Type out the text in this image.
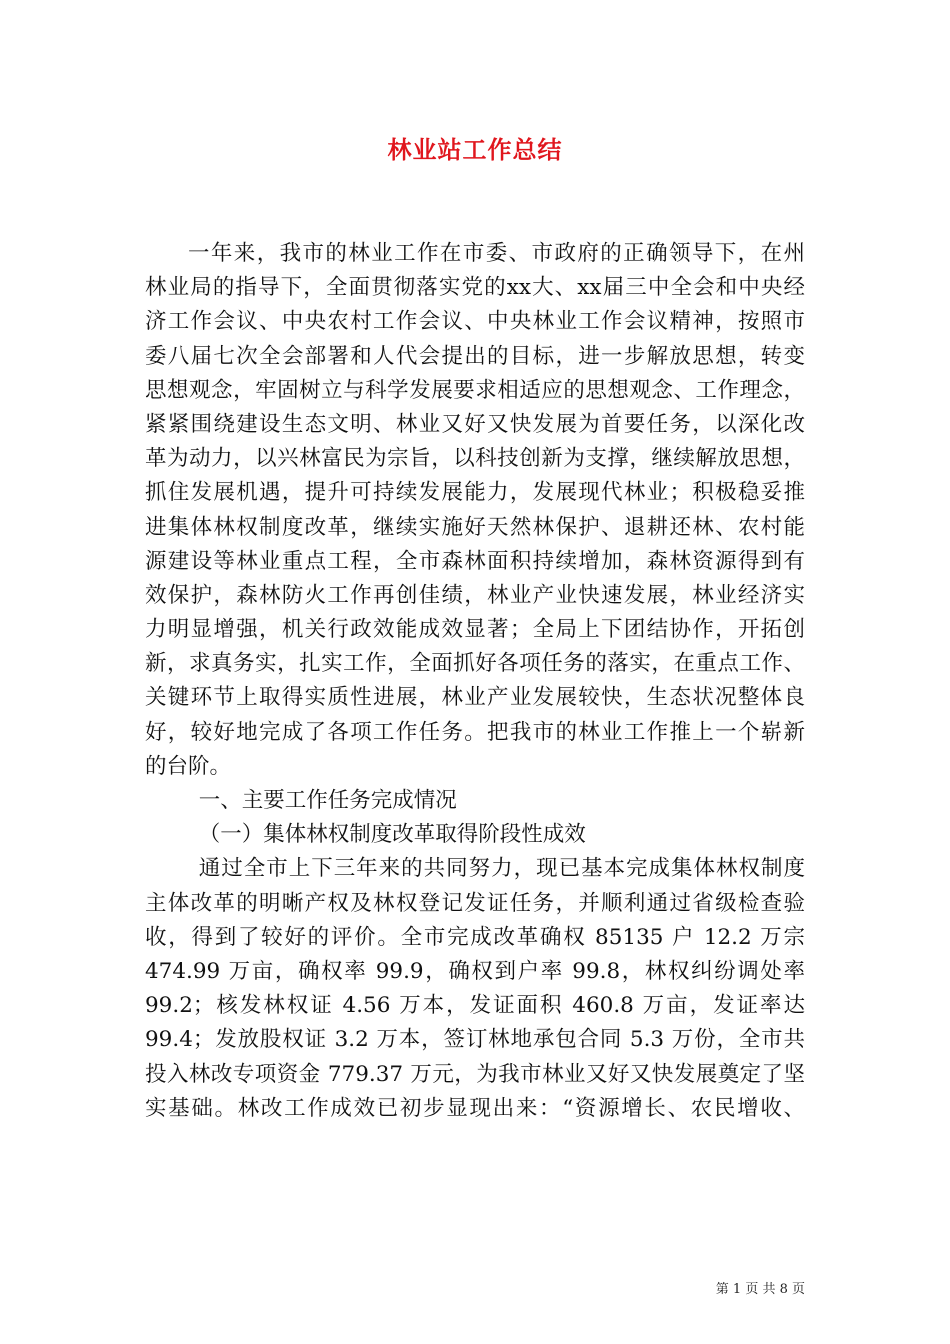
林业站工作总结
一年来，我市的林业工作在市委、市政府的正确领导下，在州
林业局的指导下，全面贯彻落实党的xx大、xx届三中全会和中央经
济工作会议、中央农村工作会议、中央林业工作会议精神，按照市
委八届七次全会部署和人代会提出的目标，进一步解放思想，转变
思想观念，牢固树立与科学发展要求相适应的思想观念、工作理念，
紧紧围绕建设生态文明、林业又好又快发展为首要任务，以深化改
革为动力，以兴林富民为宗旨，以科技创新为支撑，继续解放思想，
抓住发展机遇，提升可持续发展能力，发展现代林业；积极稳妥推
进集体林权制度改革，继续实施好天然林保护、退耕还林、农村能
源建设等林业重点工程，全市森林面积持续增加，森林资源得到有
效保护，森林防火工作再创佳绩，林业产业快速发展，林业经济实
力明显增强，机关行政效能成效显著；全局上下团结协作，开拓创
新，求真务实，扎实工作，全面抓好各项任务的落实，在重点工作、
关键环节上取得实质性进展，林业产业发展较快，生态状况整体良
好，较好地完成了各项工作任务。把我市的林业工作推上一个崭新
的台阶。
一、主要工作任务完成情况
（一）集体林权制度改革取得阶段性成效
通过全市上下三年来的共同努力，现已基本完成集体林权制度
主体改革的明晰产权及林权登记发证任务，并顺利通过省级检查验
收，得到了较好的评价。全市完成改革确权 85135 户 12.2 万宗
474.99 万亩，确权率 99.9，确权到户率 99.8，林权纠纷调处率
99.2；核发林权证 4.56 万本，发证面积 460.8 万亩，发证率达
99.4；发放股权证 3.2 万本，签订林地承包合同 5.3 万份，全市共
投入林改专项资金 779.37 万元，为我市林业又好又快发展奠定了坚
实基础。林改工作成效已初步显现出来：“资源增长、农民增收、
第 1 页 共 8 页
